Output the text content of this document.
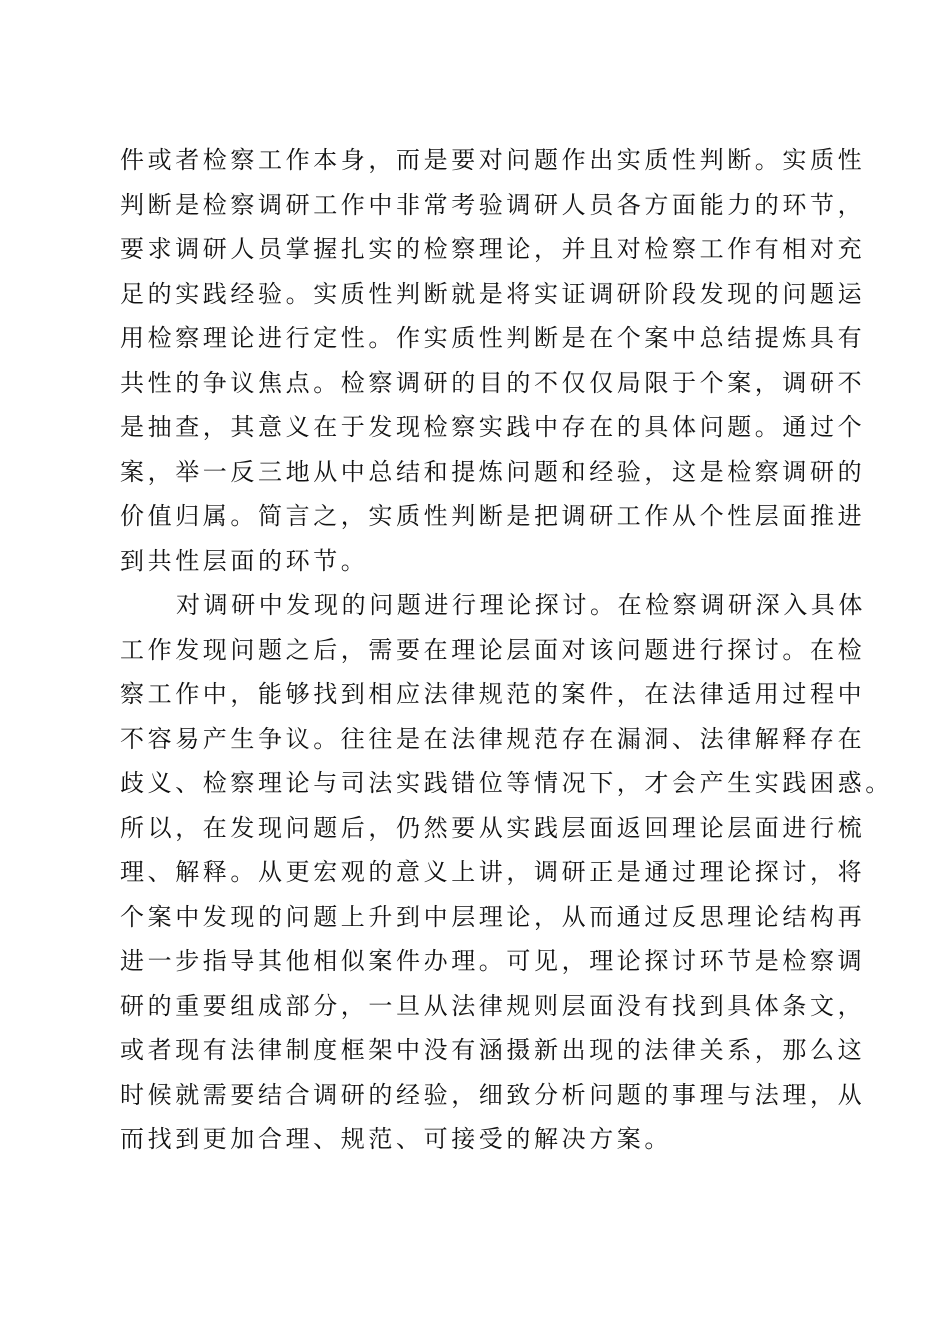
件或者检察工作本身，而是要对问题作出实质性判断。实质性
判断是检察调研工作中非常考验调研人员各方面能力的环节，
要求调研人员掌握扎实的检察理论，并且对检察工作有相对充
足的实践经验。实质性判断就是将实证调研阶段发现的问题运
用检察理论进行定性。作实质性判断是在个案中总结提炼具有
共性的争议焦点。检察调研的目的不仅仅局限于个案，调研不
是抽查，其意义在于发现检察实践中存在的具体问题。通过个
案，举一反三地从中总结和提炼问题和经验，这是检察调研的
价值归属。简言之，实质性判断是把调研工作从个性层面推进
到共性层面的环节。
对调研中发现的问题进行理论探讨。在检察调研深入具体
工作发现问题之后，需要在理论层面对该问题进行探讨。在检
察工作中，能够找到相应法律规范的案件，在法律适用过程中
不容易产生争议。往往是在法律规范存在漏洞、法律解释存在
歧义、检察理论与司法实践错位等情况下，才会产生实践困惑。
所以，在发现问题后，仍然要从实践层面返回理论层面进行梳
理、解释。从更宏观的意义上讲，调研正是通过理论探讨，将
个案中发现的问题上升到中层理论，从而通过反思理论结构再
进一步指导其他相似案件办理。可见，理论探讨环节是检察调
研的重要组成部分，一旦从法律规则层面没有找到具体条文，
或者现有法律制度框架中没有涵摄新出现的法律关系，那么这
时候就需要结合调研的经验，细致分析问题的事理与法理，从
而找到更加合理、规范、可接受的解决方案。
